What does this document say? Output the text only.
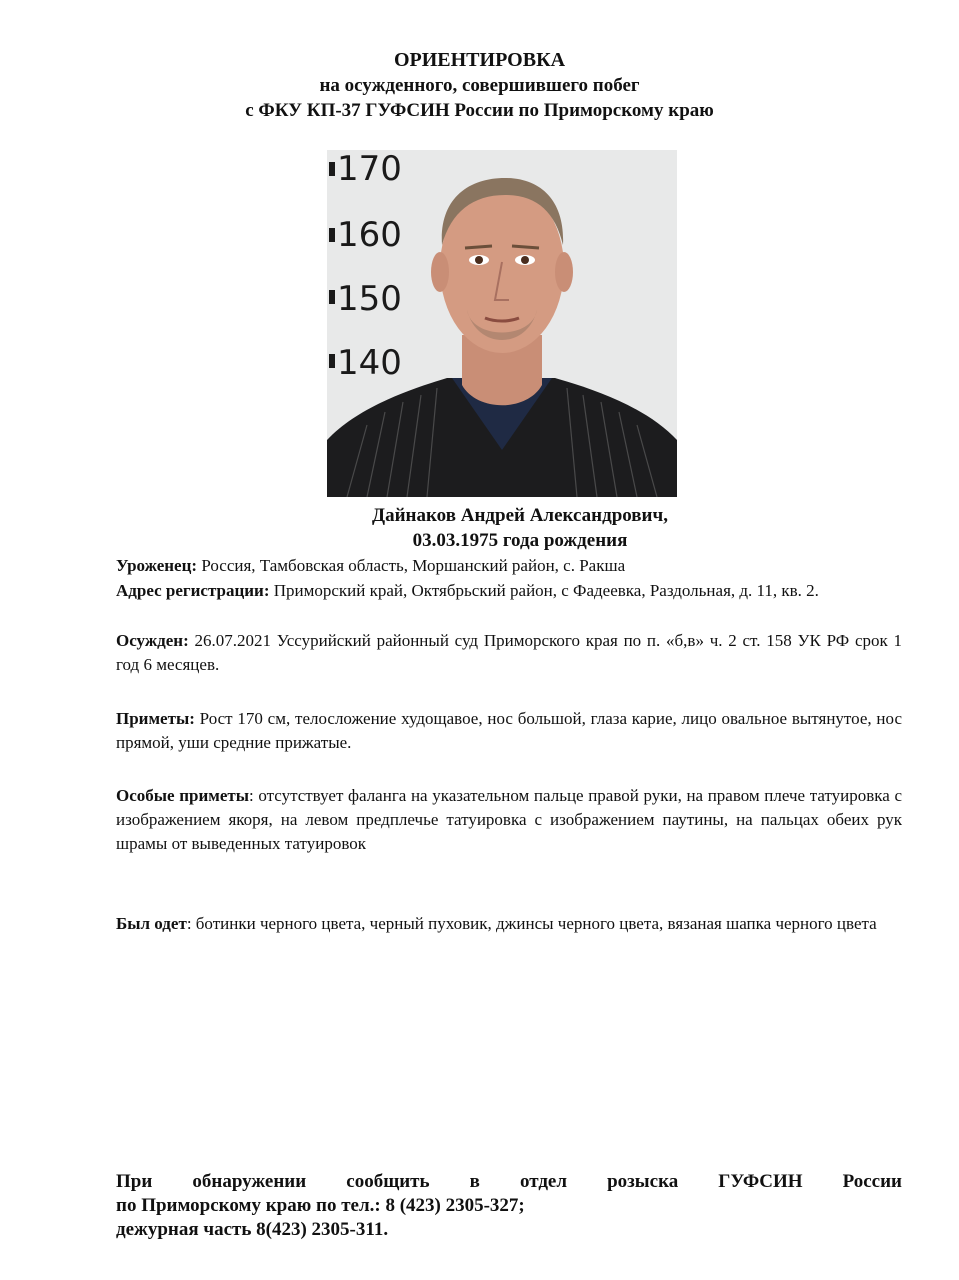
ОРИЕНТИРОВКА
на осужденного, совершившего побег
с ФКУ КП-37 ГУФСИН России по Приморскому краю
170
160
150
140
Дайнаков Андрей Александрович,
03.03.1975 года рождения
Уроженец: Россия, Тамбовская область, Моршанский район, с. Ракша
Адрес регистрации: Приморский край, Октябрьский район, с Фадеевка, Раздольная, д. 11, кв. 2.
Осужден: 26.07.2021 Уссурийский районный суд Приморского края по п. «б,в» ч. 2 ст. 158 УК РФ срок 1 год 6 месяцев.
Приметы: Рост 170 см, телосложение худощавое, нос большой, глаза карие, лицо овальное вытянутое, нос прямой, уши средние прижатые.
Особые приметы: отсутствует фаланга на указательном пальце правой руки, на правом плече татуировка с изображением якоря, на левом предплечье татуировка с изображением паутины, на пальцах обеих рук шрамы от выведенных татуировок
Был одет: ботинки черного цвета, черный пуховик, джинсы черного цвета, вязаная шапка черного цвета
При обнаружении сообщить в отдел розыска ГУФСИН России
по Приморскому краю по тел.: 8 (423) 2305-327;
дежурная часть 8(423) 2305-311.
